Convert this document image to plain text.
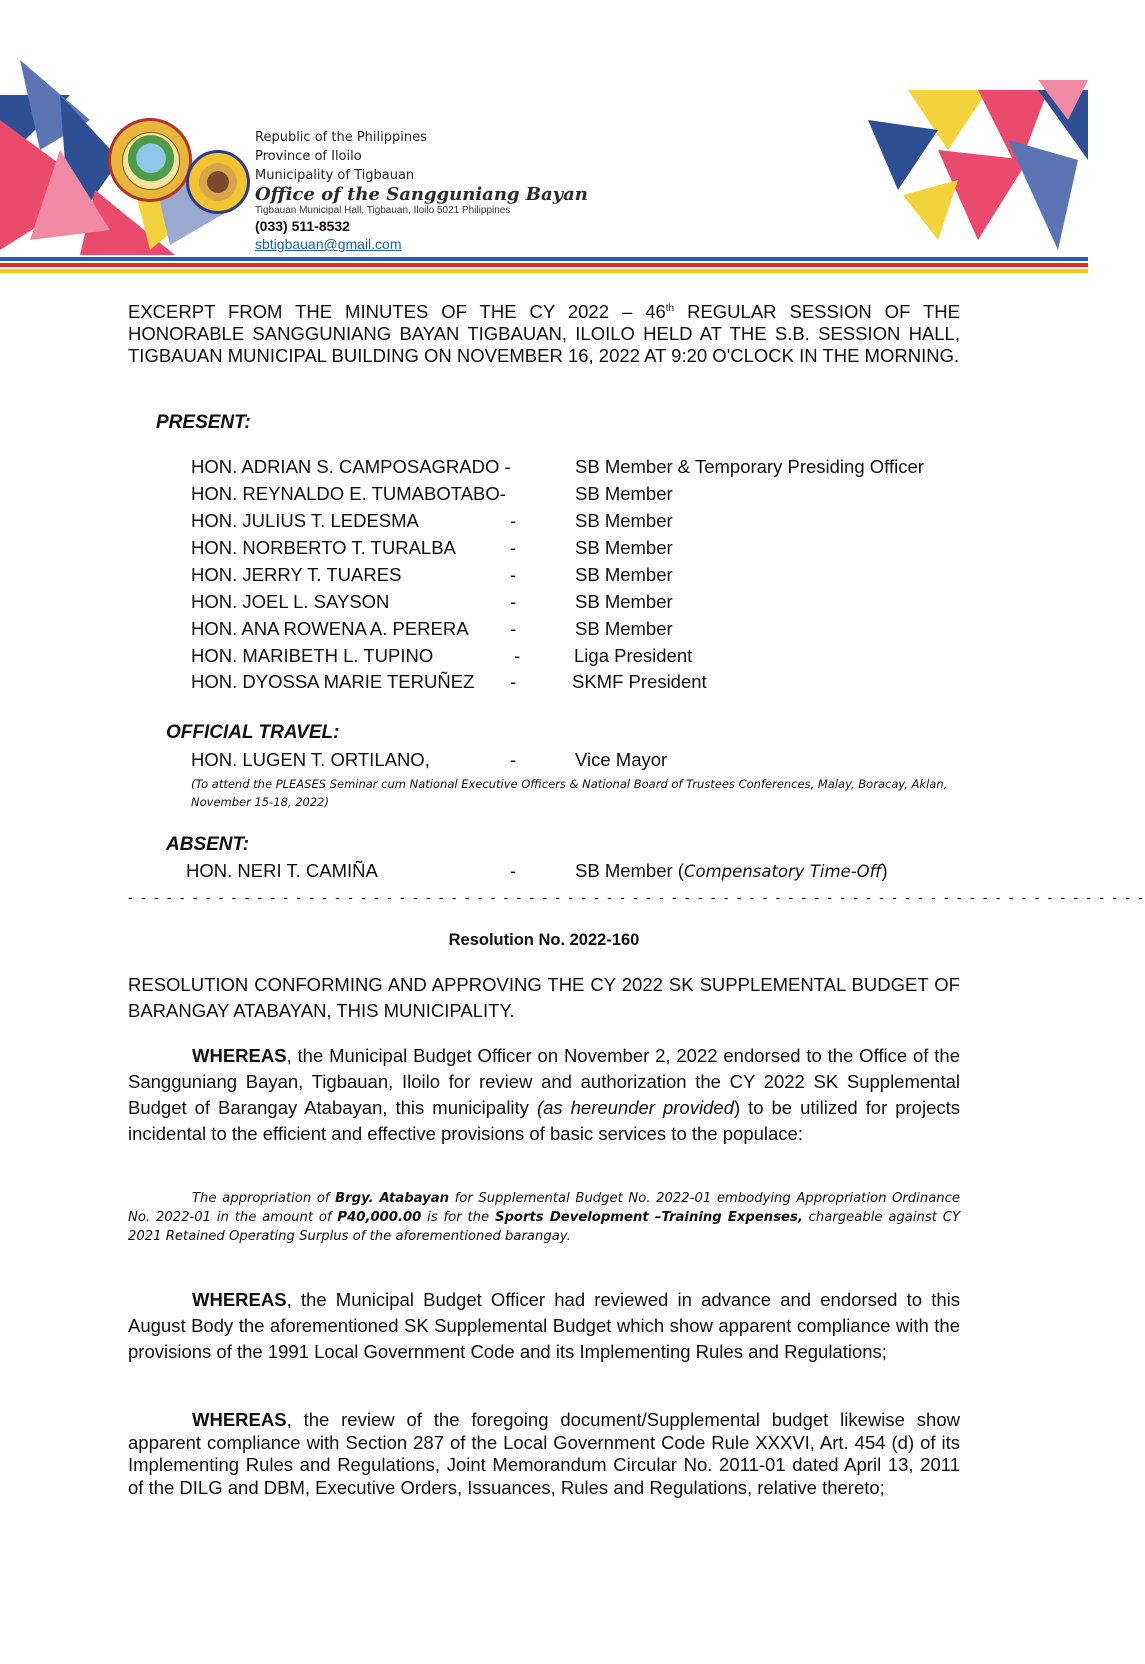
Republic of the Philippines
Province of Iloilo
Municipality of Tigbauan
Office of the Sangguniang Bayan
Tigbauan Municipal Hall, Tigbauan, Iloilo 5021 Philippines
(033) 511-8532
sbtigbauan@gmail.com
EXCERPT FROM THE MINUTES OF THE CY 2022 – 46th REGULAR SESSION OF THE HONORABLE SANGGUNIANG BAYAN TIGBAUAN, ILOILO HELD AT THE S.B. SESSION HALL, TIGBAUAN MUNICIPAL BUILDING ON NOVEMBER 16, 2022 AT 9:20 O'CLOCK IN THE MORNING.
PRESENT:
HON. ADRIAN S. CAMPOSAGRADO -	SB Member & Temporary Presiding Officer
HON. REYNALDO E. TUMABOTABO-	SB Member
HON. JULIUS T. LEDESMA	-	SB Member
HON. NORBERTO T. TURALBA	-	SB Member
HON. JERRY T. TUARES	-	SB Member
HON. JOEL L. SAYSON	-	SB Member
HON. ANA ROWENA A. PERERA -	SB Member
HON. MARIBETH L. TUPINO	-	Liga President
HON. DYOSSA MARIE TERUÑEZ -	SKMF President
OFFICIAL TRAVEL:
HON. LUGEN T. ORTILANO,	-	Vice Mayor
(To attend the PLEASES Seminar cum National Executive Officers & National Board of Trustees Conferences, Malay, Boracay, Aklan, November 15-18, 2022)
ABSENT:
HON. NERI T. CAMIÑA	-	SB Member (Compensatory Time-Off)
- - - - - - - - - - - - - - - - - - - - - - - - - - - - - - - - - - - - - - - - - - - - - - - - - - - - - - - - - - - - - - - - - - - - - - - - - - - - - - -
Resolution No. 2022-160
RESOLUTION CONFORMING AND APPROVING THE CY 2022 SK SUPPLEMENTAL BUDGET OF BARANGAY ATABAYAN, THIS MUNICIPALITY.
WHEREAS, the Municipal Budget Officer on November 2, 2022 endorsed to the Office of the Sangguniang Bayan, Tigbauan, Iloilo for review and authorization the CY 2022 SK Supplemental Budget of Barangay Atabayan, this municipality (as hereunder provided) to be utilized for projects incidental to the efficient and effective provisions of basic services to the populace:
The appropriation of Brgy. Atabayan for Supplemental Budget No. 2022-01 embodying Appropriation Ordinance No. 2022-01 in the amount of P40,000.00 is for the Sports Development –Training Expenses, chargeable against CY 2021 Retained Operating Surplus of the aforementioned barangay.
WHEREAS, the Municipal Budget Officer had reviewed in advance and endorsed to this August Body the aforementioned SK Supplemental Budget which show apparent compliance with the provisions of the 1991 Local Government Code and its Implementing Rules and Regulations;
WHEREAS, the review of the foregoing document/Supplemental budget likewise show apparent compliance with Section 287 of the Local Government Code Rule XXXVI, Art. 454 (d) of its Implementing Rules and Regulations, Joint Memorandum Circular No. 2011-01 dated April 13, 2011 of the DILG and DBM, Executive Orders, Issuances, Rules and Regulations, relative thereto;
